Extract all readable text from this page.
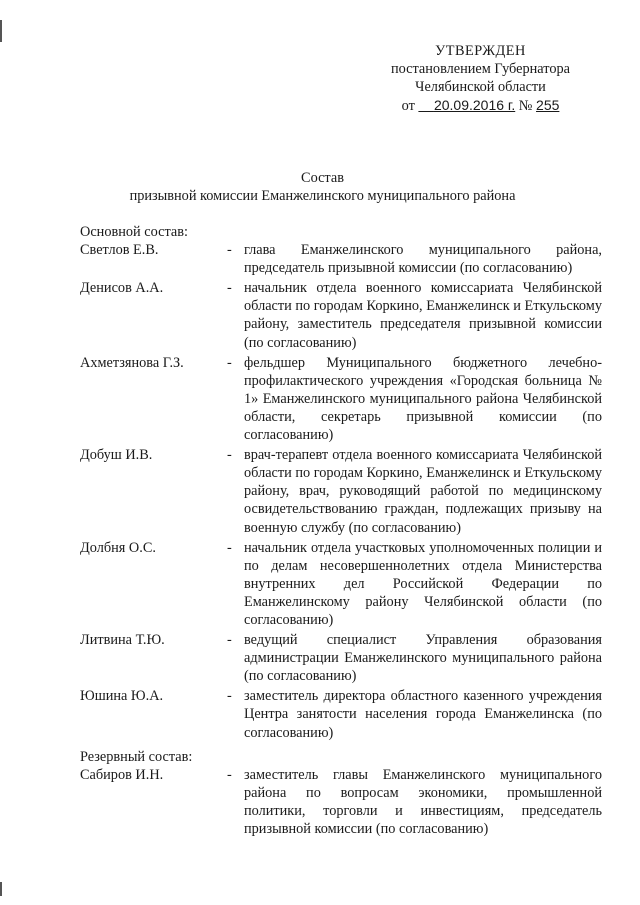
УТВЕРЖДЕН
постановлением Губернатора
Челябинской области
от 20.09.2016 г. № 255
Состав
призывной комиссии Еманжелинского муниципального района
Основной состав:
Светлов Е.В.	- глава Еманжелинского муниципального района, председатель призывной комиссии (по согласованию)
Денисов А.А.	- начальник отдела военного комиссариата Челябинской области по городам Коркино, Еманжелинск и Еткульскому району, заместитель председателя призывной комиссии (по согласованию)
Ахметзянова Г.З.	- фельдшер Муниципального бюджетного лечебно-профилактического учреждения «Городская больница № 1» Еманжелинского муниципального района Челябинской области, секретарь призывной комиссии (по согласованию)
Добуш И.В.	- врач-терапевт отдела военного комиссариата Челябинской области по городам Коркино, Еманжелинск и Еткульскому району, врач, руководящий работой по медицинскому освидетельствованию граждан, подлежащих призыву на военную службу (по согласованию)
Долбня О.С.	- начальник отдела участковых уполномоченных полиции и по делам несовершеннолетних отдела Министерства внутренних дел Российской Федерации по Еманжелинскому району Челябинской области (по согласованию)
Литвина Т.Ю.	- ведущий специалист Управления образования администрации Еманжелинского муниципального района (по согласованию)
Юшина Ю.А.	- заместитель директора областного казенного учреждения Центра занятости населения города Еманжелинска (по согласованию)
Резервный состав:
Сабиров И.Н.	- заместитель главы Еманжелинского муниципального района по вопросам экономики, промышленной политики, торговли и инвестициям, председатель призывной комиссии (по согласованию)
